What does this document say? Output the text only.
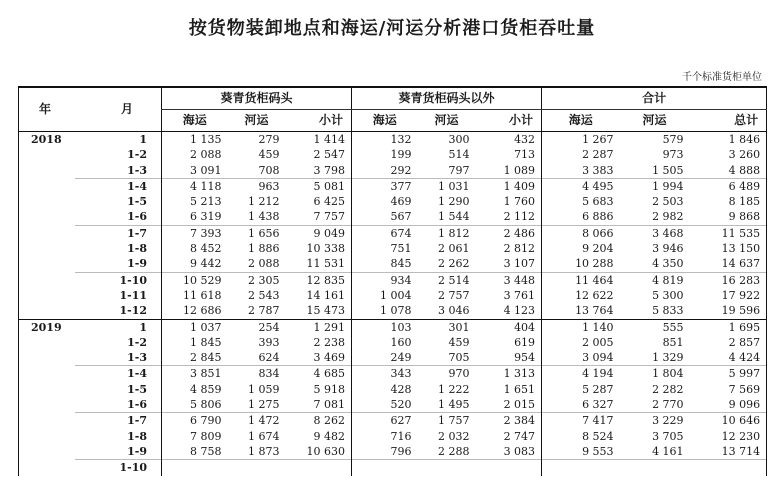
按货物装卸地点和海运/河运分析港口货柜吞吐量
千个标准货柜单位
年	月	葵青货柜码头			葵青货柜码头以外			合计		
		海运	河运	小计	海运	河运	小计	海运	河运	总计
2018	1	1 135	279	1 414	132	300	432	1 267	579	1 846
	1-2	2 088	459	2 547	199	514	713	2 287	973	3 260
	1-3	3 091	708	3 798	292	797	1 089	3 383	1 505	4 888
	1-4	4 118	963	5 081	377	1 031	1 409	4 495	1 994	6 489
	1-5	5 213	1 212	6 425	469	1 290	1 760	5 683	2 503	8 185
	1-6	6 319	1 438	7 757	567	1 544	2 112	6 886	2 982	9 868
	1-7	7 393	1 656	9 049	674	1 812	2 486	8 066	3 468	11 535
	1-8	8 452	1 886	10 338	751	2 061	2 812	9 204	3 946	13 150
	1-9	9 442	2 088	11 531	845	2 262	3 107	10 288	4 350	14 637
	1-10	10 529	2 305	12 835	934	2 514	3 448	11 464	4 819	16 283
	1-11	11 618	2 543	14 161	1 004	2 757	3 761	12 622	5 300	17 922
	1-12	12 686	2 787	15 473	1 078	3 046	4 123	13 764	5 833	19 596
2019	1	1 037	254	1 291	103	301	404	1 140	555	1 695
	1-2	1 845	393	2 238	160	459	619	2 005	851	2 857
	1-3	2 845	624	3 469	249	705	954	3 094	1 329	4 424
	1-4	3 851	834	4 685	343	970	1 313	4 194	1 804	5 997
	1-5	4 859	1 059	5 918	428	1 222	1 651	5 287	2 282	7 569
	1-6	5 806	1 275	7 081	520	1 495	2 015	6 327	2 770	9 096
	1-7	6 790	1 472	8 262	627	1 757	2 384	7 417	3 229	10 646
	1-8	7 809	1 674	9 482	716	2 032	2 747	8 524	3 705	12 230
	1-9	8 758	1 873	10 630	796	2 288	3 083	9 553	4 161	13 714
	1-10									
